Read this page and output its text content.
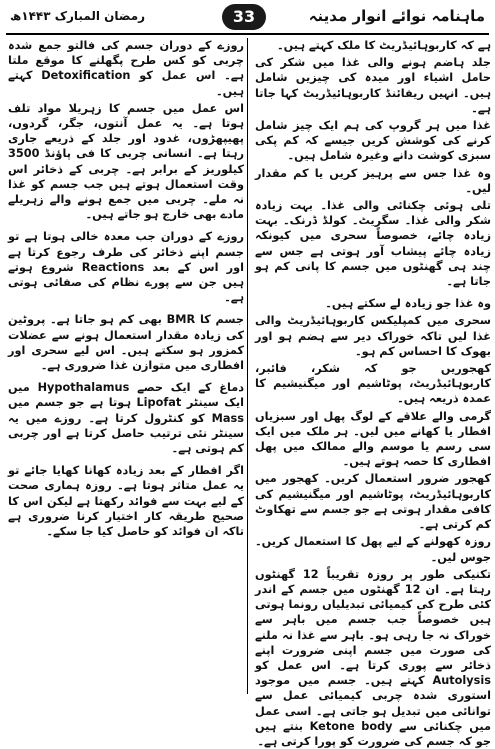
ماہنامہ نوائے انوار مدینہ
33
رمضان المبارک ۱۴۴۳ھ

ہے کہ کاربوہائیڈریٹ کا ملک کہتے ہیں۔

جلد ہاضم ہونے والی غذا میں شکر کی حامل اشیاء اور میدہ کی چیزیں شامل ہیں۔ انہیں ریفائنڈ کاربوہائیڈریٹ کہا جاتا ہے۔

غذا میں ہر گروپ کی ہم ایک چیز شامل کرنے کی کوشش کریں جیسے کہ کم پکی سبزی کوشت دانے وغیرہ شامل ہیں۔

وہ غذا جس سے پرہیز کریں یا کم مقدار لیں۔

تلی ہوئی چکنائی والی غذا۔ بہت زیادہ شکر والی غذا۔ سگریٹ۔ کولڈ ڈرنک۔ بہت زیادہ چائے، خصوصاً سحری میں کیونکہ زیادہ چائے پیشاب آور ہوتی ہے جس سے چند ہی گھنٹوں میں جسم کا پانی کم ہو جاتا ہے۔

وہ غذا جو زیادہ لے سکتے ہیں۔

سحری میں کمپلیکس کاربوہائیڈریٹ والی غذا لیں تاکہ خوراک دیر سے ہضم ہو اور بھوک کا احساس کم ہو۔

کھجوریں جو کہ شکر، فائبر، کاربوہائیڈریٹ، پوٹاشیم اور میگنیشیم کا عمدہ ذریعہ ہیں۔

گرمی والے علاقے کے لوگ پھل اور سبزیاں افطار یا کھانے میں لیں۔ ہر ملک میں ایک سی رسم یا موسم والے ممالک میں پھل افطاری کا حصہ ہوتے ہیں۔

کھجور ضرور استعمال کریں۔ کھجور میں کاربوہائیڈریٹ، پوٹاشیم اور میگنیشیم کی کافی مقدار ہوتی ہے جو جسم سے تھکاوٹ کم کرتی ہے۔

روزہ کھولنے کے لیے پھل کا استعمال کریں۔ جوس لیں۔

تکنیکی طور پر روزہ تقریباً 12 گھنٹوں رہتا ہے۔ ان 12 گھنٹوں میں جسم کے اندر کئی طرح کی کیمیائی تبدیلیاں رونما ہوتی ہیں خصوصاً جب جسم میں باہر سے خوراک نہ جا رہی ہو۔ باہر سے غذا نہ ملنے کی صورت میں جسم اپنی ضرورت اپنے ذخائر سے پوری کرتا ہے۔ اس عمل کو Autolysis کہتے ہیں۔ جسم میں موجود استوری شدہ چربی کیمیائی عمل سے توانائی میں تبدیل ہو جاتی ہے۔ اسی عمل میں چکنائی سے Ketone body بنتے ہیں جو کہ جسم کی ضرورت کو پورا کرتی ہے۔

روزے کے دوران جسم کی فالتو جمع شدہ چربی کو کس طرح پگھلنے کا موقع ملتا ہے۔ اس عمل کو Detoxification کہتے ہیں۔

اس عمل میں جسم کا زہریلا مواد تلف ہوتا ہے۔ یہ عمل آنتوں، جگر، گردوں، پھیپھڑوں، غدود اور جلد کے ذریعے جاری رہتا ہے۔ انسانی چربی کا فی پاؤنڈ 3500 کیلوریز کے برابر ہے۔ چربی کے ذخائر اس وقت استعمال ہوتے ہیں جب جسم کو غذا نہ ملے۔ چربی میں جمع ہونے والے زہریلے مادے بھی خارج ہو جاتے ہیں۔

روزے کے دوران جب معدہ خالی ہوتا ہے تو جسم اپنے ذخائر کی طرف رجوع کرتا ہے اور اس کے بعد Reactions شروع ہوتے ہیں جن سے پورے نظام کی صفائی ہوتی ہے۔

جسم کا BMR بھی کم ہو جاتا ہے۔ پروٹین کی زیادہ مقدار استعمال ہونے سے عضلات کمزور ہو سکتے ہیں۔ اس لیے سحری اور افطاری میں متوازن غذا ضروری ہے۔

دماغ کے ایک حصے Hypothalamus میں ایک سینٹر Lipofat ہوتا ہے جو جسم میں Mass کو کنٹرول کرتا ہے۔ روزے میں یہ سینٹر نئی ترتیب حاصل کرتا ہے اور چربی کم ہوتی ہے۔

اگر افطار کے بعد زیادہ کھانا کھایا جائے تو یہ عمل متاثر ہوتا ہے۔ روزہ ہماری صحت کے لیے بہت سے فوائد رکھتا ہے لیکن اس کا صحیح طریقہ کار اختیار کرنا ضروری ہے تاکہ ان فوائد کو حاصل کیا جا سکے۔
